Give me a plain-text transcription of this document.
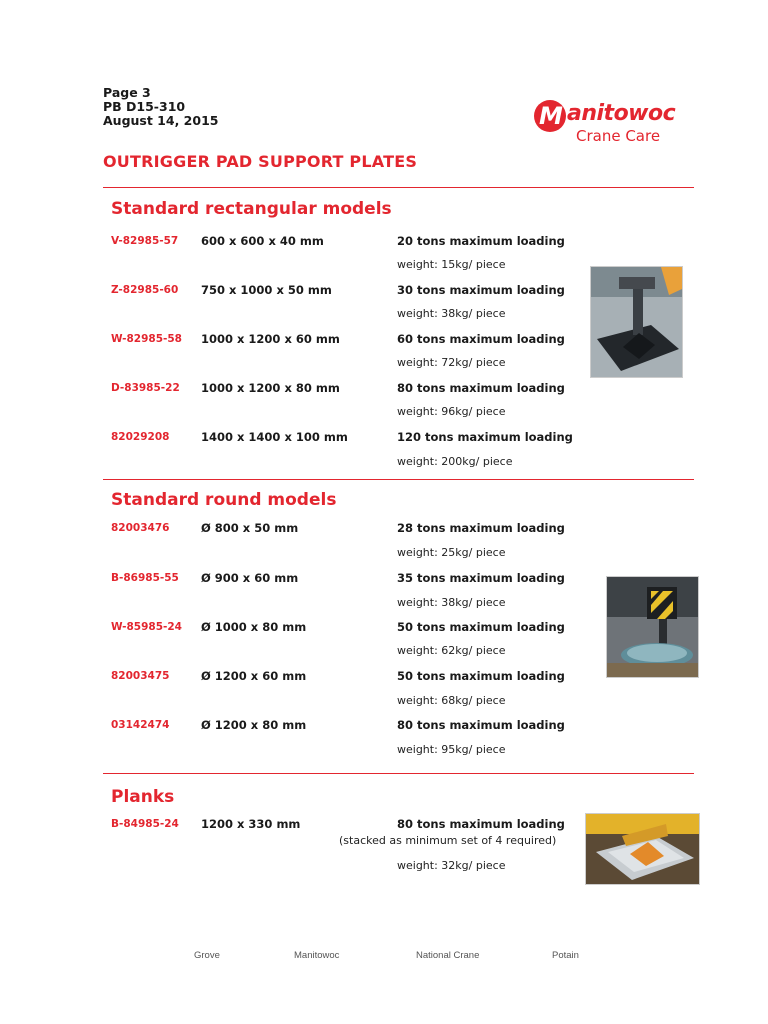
Page 3
PB D15-310
August 14, 2015	M anitowoc
Crane Care
OUTRIGGER PAD SUPPORT PLATES
Standard rectangular models
V-82985-57 600 x 600 x 40 mm	20 tons maximum loading
weight: 15kg/ piece
Z-82985-60 750 x 1000 x 50 mm	30 tons maximum loading
weight: 38kg/ piece
W-82985-58 1000 x 1200 x 60 mm	60 tons maximum loading
weight: 72kg/ piece
D-83985-22 1000 x 1200 x 80 mm	80 tons maximum loading
weight: 96kg/ piece
82029208	1400 x 1400 x 100 mm	120 tons maximum loading
weight: 200kg/ piece
Standard round models
82003476	Ø 800 x 50 mm	28 tons maximum loading
weight: 25kg/ piece
B-86985-55 Ø 900 x 60 mm	35 tons maximum loading
weight: 38kg/ piece
W-85985-24 Ø 1000 x 80 mm	50 tons maximum loading
weight: 62kg/ piece
82003475	Ø 1200 x 60 mm	50 tons maximum loading
weight: 68kg/ piece
03142474	Ø 1200 x 80 mm	80 tons maximum loading
weight: 95kg/ piece
Planks
B-84985-24 1200 x 330 mm	80 tons maximum loading
(stacked as minimum set of 4 required)
weight: 32kg/ piece
Grove	Manitowoc	National Crane	Potain
